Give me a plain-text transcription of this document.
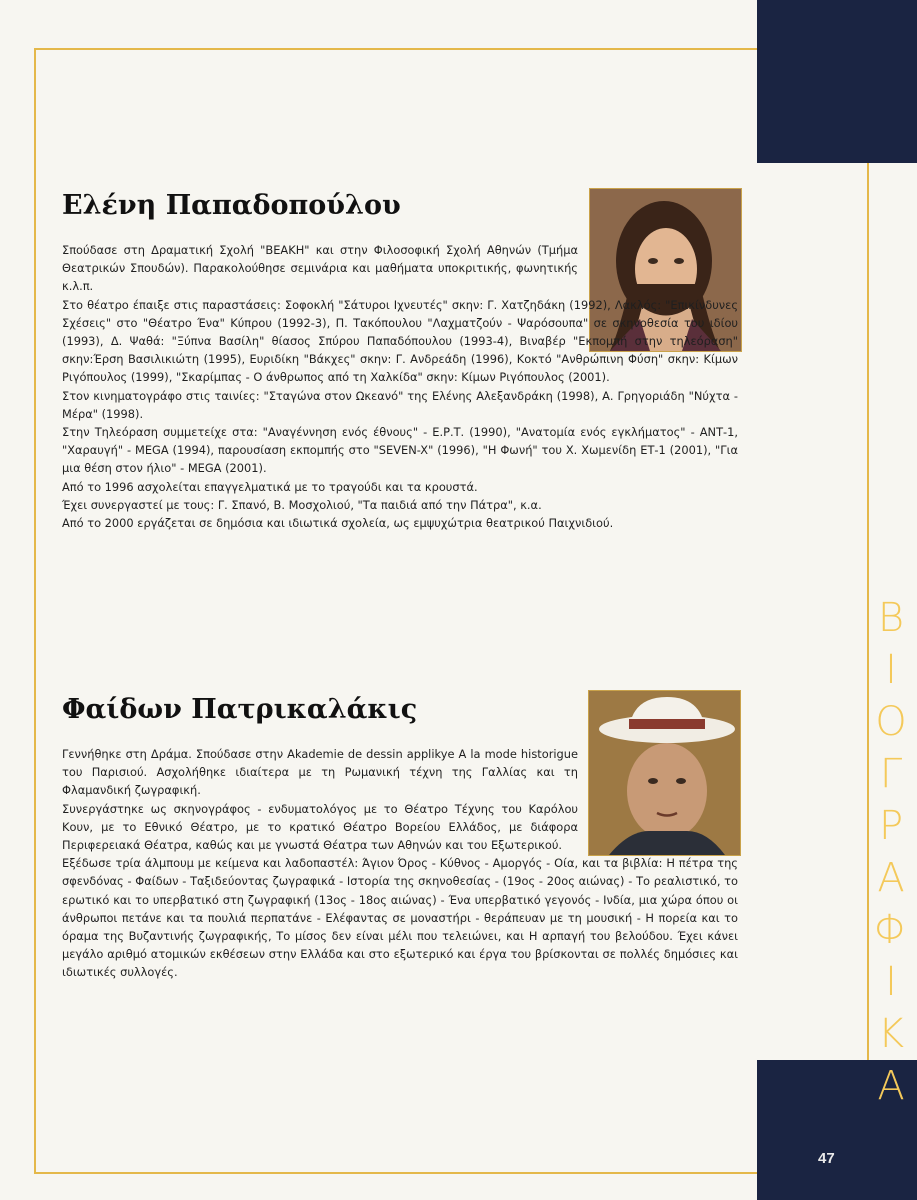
ΒΙΟΓΡΑΦΙΚΑ
47
Ελένη Παπαδοπούλου

Σπούδασε στη Δραματική Σχολή "ΒΕΑΚΗ" και στην Φιλοσοφική Σχολή Αθηνών (Τμήμα Θεατρικών Σπουδών). Παρακολούθησε σεμινάρια και μαθήματα υποκριτικής, φωνητικής κ.λ.π.

Στο θέατρο έπαιξε στις παραστάσεις: Σοφοκλή "Σάτυροι Ιχνευτές" σκην: Γ. Χατζηδάκη (1992), Λακλός: "Επικίνδυνες Σχέσεις" στο "Θέατρο Ένα" Κύπρου (1992-3), Π. Τακόπουλου "Λαχματζούν - Ψαρόσουπα" σε σκηνοθεσία του ιδίου (1993), Δ. Ψαθά: "Ξύπνα Βασίλη" θίασος Σπύρου Παπαδόπουλου (1993-4), Βιναβέρ "Εκπομπή στην τηλεόραση" σκην:Έρση Βασιλικιώτη (1995), Ευριδίκη "Βάκχες" σκην: Γ. Ανδρεάδη (1996), Κοκτό "Ανθρώπινη Φύση" σκην: Κίμων Ριγόπουλος (1999), "Σκαρίμπας - Ο άνθρωπος από τη Χαλκίδα" σκην: Κίμων Ριγόπουλος (2001).

Στον κινηματογράφο στις ταινίες: "Σταγώνα στον Ωκεανό" της Ελένης Αλεξανδράκη (1998), Α. Γρηγοριάδη "Νύχτα - Μέρα" (1998).

Στην Τηλεόραση συμμετείχε στα: "Αναγέννηση ενός έθνους" - Ε.Ρ.Τ. (1990), "Ανατομία ενός εγκλήματος" - ΑΝΤ-1, "Χαραυγή" - MEGA (1994), παρουσίαση εκπομπής στο "SEVEN-X" (1996), "Η Φωνή" του Χ. Χωμενίδη ΕΤ-1 (2001), "Για μια θέση στον ήλιο" - MEGA (2001).

Από το 1996 ασχολείται επαγγελματικά με το τραγούδι και τα κρουστά.

Έχει συνεργαστεί με τους: Γ. Σπανό, Β. Μοσχολιού, "Τα παιδιά από την Πάτρα", κ.α.

Από το 2000 εργάζεται σε δημόσια και ιδιωτικά σχολεία, ως εμψυχώτρια θεατρικού Παιχνιδιού.

Φαίδων Πατρικαλάκις

Γεννήθηκε στη Δράμα. Σπούδασε στην Akademie de dessin applikye A la mode historigue του Παρισιού. Ασχολήθηκε ιδιαίτερα με τη Ρωμανική τέχνη της Γαλλίας και τη Φλαμανδική ζωγραφική.

Συνεργάστηκε ως σκηνογράφος - ενδυματολόγος με το Θέατρο Τέχνης του Καρόλου Κουν, με το Εθνικό Θέατρο, με το κρατικό Θέατρο Βορείου Ελλάδος, με διάφορα Περιφερειακά Θέατρα, καθώς και με γνωστά Θέατρα των Αθηνών και του Εξωτερικού.

Εξέδωσε τρία άλμπουμ με κείμενα και λαδοπαστέλ: Άγιον Όρος - Κύθνος - Αμοργός - Οία, και τα βιβλία: Η πέτρα της σφενδόνας - Φαίδων - Ταξιδεύοντας ζωγραφικά - Ιστορία της σκηνοθεσίας - (19ος - 20ος αιώνας) - Το ρεαλιστικό, το ερωτικό και το υπερβατικό στη ζωγραφική (13ος - 18ος αιώνας) - Ένα υπερβατικό γεγονός - Ινδία, μια χώρα όπου οι άνθρωποι πετάνε και τα πουλιά περπατάνε - Ελέφαντας σε μοναστήρι - θεράπευαν με τη μουσική - Η πορεία και το όραμα της Βυζαντινής ζωγραφικής, Το μίσος δεν είναι μέλι που τελειώνει, και Η αρπαγή του βελούδου. Έχει κάνει μεγάλο αριθμό ατομικών εκθέσεων στην Ελλάδα και στο εξωτερικό και έργα του βρίσκονται σε πολλές δημόσιες και ιδιωτικές συλλογές.
